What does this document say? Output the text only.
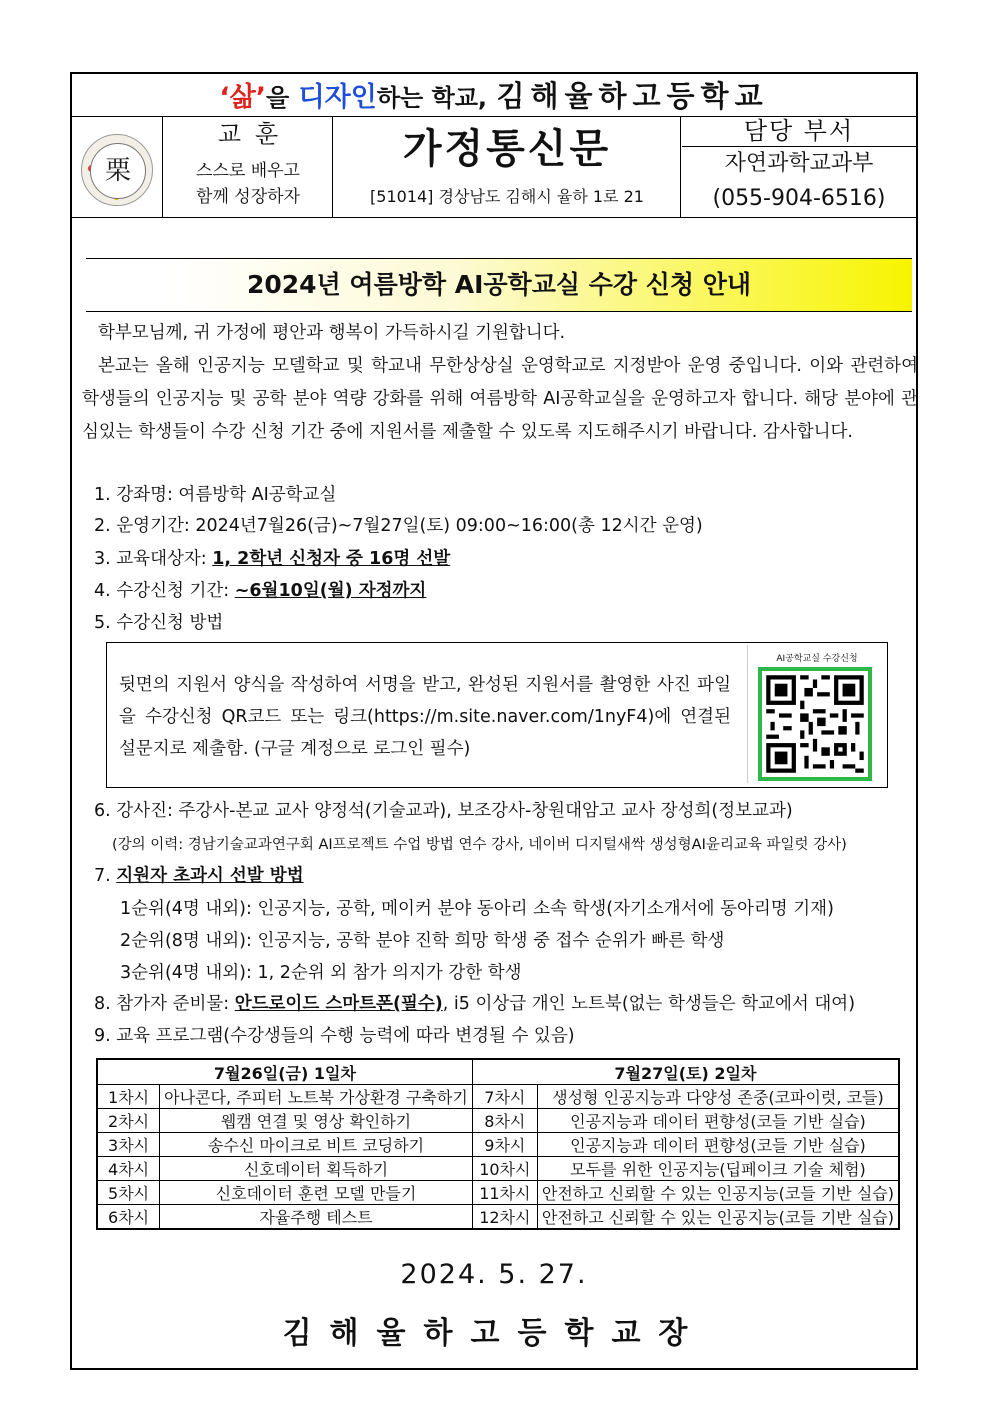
‘삶’을 디자인하는 학교, 김해율하고등학교
栗
교훈
스스로 배우고
함께 성장하자
가정통신문
[51014] 경상남도 김해시 율하 1로 21
담당 부서
자연과학교과부
(055-904-6516)
2024년 여름방학 AI공학교실 수강 신청 안내
학부모님께, 귀 가정에 평안과 행복이 가득하시길 기원합니다.
본교는 올해 인공지능 모델학교 및 학교내 무한상상실 운영학교로 지정받아 운영 중입니다. 이와 관련하여 학생들의 인공지능 및 공학 분야 역량 강화를 위해 여름방학 AI공학교실을 운영하고자 합니다. 해당 분야에 관심있는 학생들이 수강 신청 기간 중에 지원서를 제출할 수 있도록 지도해주시기 바랍니다. 감사합니다.
1. 강좌명: 여름방학 AI공학교실
2. 운영기간: 2024년7월26(금)~7월27일(토) 09:00~16:00(총 12시간 운영)
3. 교육대상자: 1, 2학년 신청자 중 16명 선발
4. 수강신청 기간: ~6월10일(월) 자정까지
5. 수강신청 방법
뒷면의 지원서 양식을 작성하여 서명을 받고, 완성된 지원서를 촬영한 사진 파일을 수강신청 QR코드 또는 링크(https://m.site.naver.com/1nyF4)에 연결된 설문지로 제출함. (구글 계정으로 로그인 필수)
AI공학교실 수강신청
6. 강사진: 주강사-본교 교사 양정석(기술교과), 보조강사-창원대암고 교사 장성희(정보교과)
(강의 이력: 경남기술교과연구회 AI프로젝트 수업 방법 연수 강사, 네이버 디지털새싹 생성형AI윤리교육 파일럿 강사)
7. 지원자 초과시 선발 방법
1순위(4명 내외): 인공지능, 공학, 메이커 분야 동아리 소속 학생(자기소개서에 동아리명 기재)
2순위(8명 내외): 인공지능, 공학 분야 진학 희망 학생 중 접수 순위가 빠른 학생
3순위(4명 내외): 1, 2순위 외 참가 의지가 강한 학생
8. 참가자 준비물: 안드로이드 스마트폰(필수), i5 이상급 개인 노트북(없는 학생들은 학교에서 대여)
9. 교육 프로그램(수강생들의 수행 능력에 따라 변경될 수 있음)
7월26일(금) 1일차		7월27일(토) 2일차	
1차시	아나콘다, 주피터 노트북 가상환경 구축하기	7차시	생성형 인공지능과 다양성 존중(코파이럿, 코들)
2차시	웹캠 연결 및 영상 확인하기	8차시	인공지능과 데이터 편향성(코들 기반 실습)
3차시	송수신 마이크로 비트 코딩하기	9차시	인공지능과 데이터 편향성(코들 기반 실습)
4차시	신호데이터 획득하기	10차시	모두를 위한 인공지능(딥페이크 기술 체험)
5차시	신호데이터 훈련 모델 만들기	11차시	안전하고 신뢰할 수 있는 인공지능(코들 기반 실습)
6차시	자율주행 테스트	12차시	안전하고 신뢰할 수 있는 인공지능(코들 기반 실습)
2024. 5. 27.
김해율하고등학교장
